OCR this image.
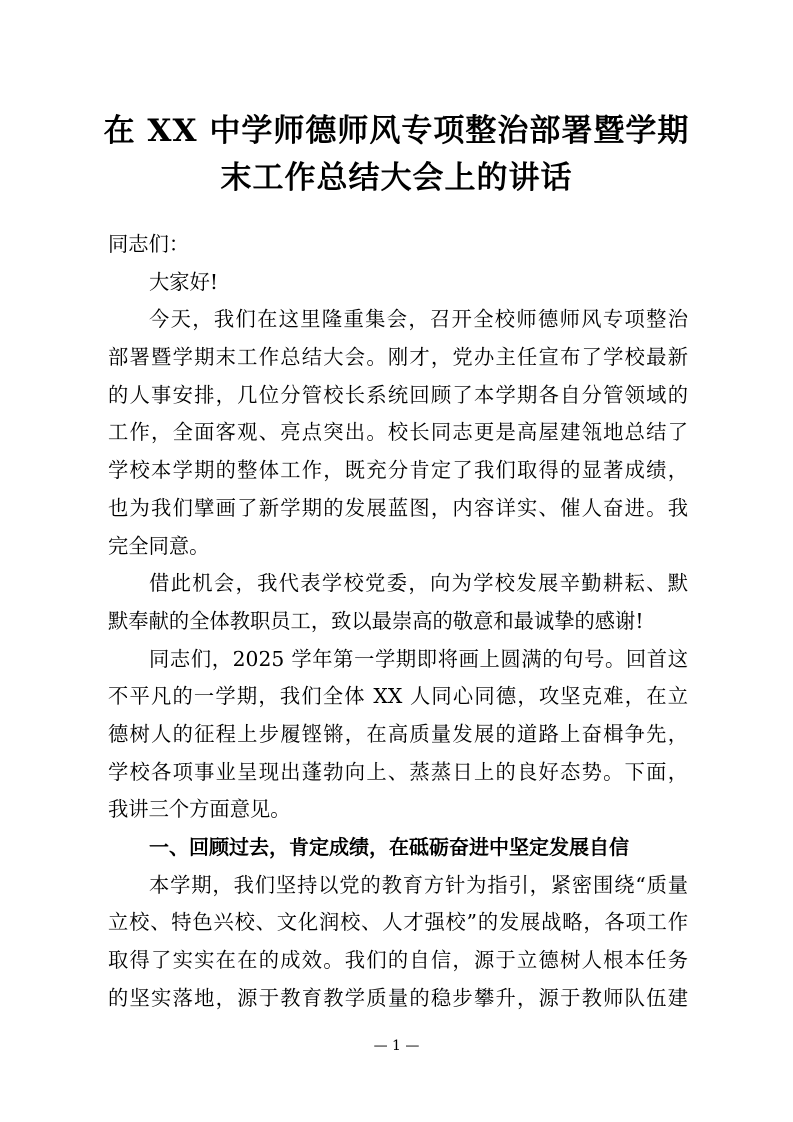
在 XX 中学师德师风专项整治部署暨学期
末工作总结大会上的讲话
同志们：
大家好!
今天，我们在这里隆重集会，召开全校师德师风专项整治
部署暨学期末工作总结大会。刚才，党办主任宣布了学校最新
的人事安排，几位分管校长系统回顾了本学期各自分管领域的
工作，全面客观、亮点突出。校长同志更是高屋建瓴地总结了
学校本学期的整体工作，既充分肯定了我们取得的显著成绩，
也为我们擘画了新学期的发展蓝图，内容详实、催人奋进。我
完全同意。
借此机会，我代表学校党委，向为学校发展辛勤耕耘、默
默奉献的全体教职员工，致以最崇高的敬意和最诚挚的感谢!
同志们，2025 学年第一学期即将画上圆满的句号。回首这
不平凡的一学期，我们全体 XX 人同心同德，攻坚克难，在立
德树人的征程上步履铿锵，在高质量发展的道路上奋楫争先，
学校各项事业呈现出蓬勃向上、蒸蒸日上的良好态势。下面，
我讲三个方面意见。
一、回顾过去，肯定成绩，在砥砺奋进中坚定发展自信
本学期，我们坚持以党的教育方针为指引，紧密围绕“质量
立校、特色兴校、文化润校、人才强校”的发展战略，各项工作
取得了实实在在的成效。我们的自信，源于立德树人根本任务
的坚实落地，源于教育教学质量的稳步攀升，源于教师队伍建
— 1 —
